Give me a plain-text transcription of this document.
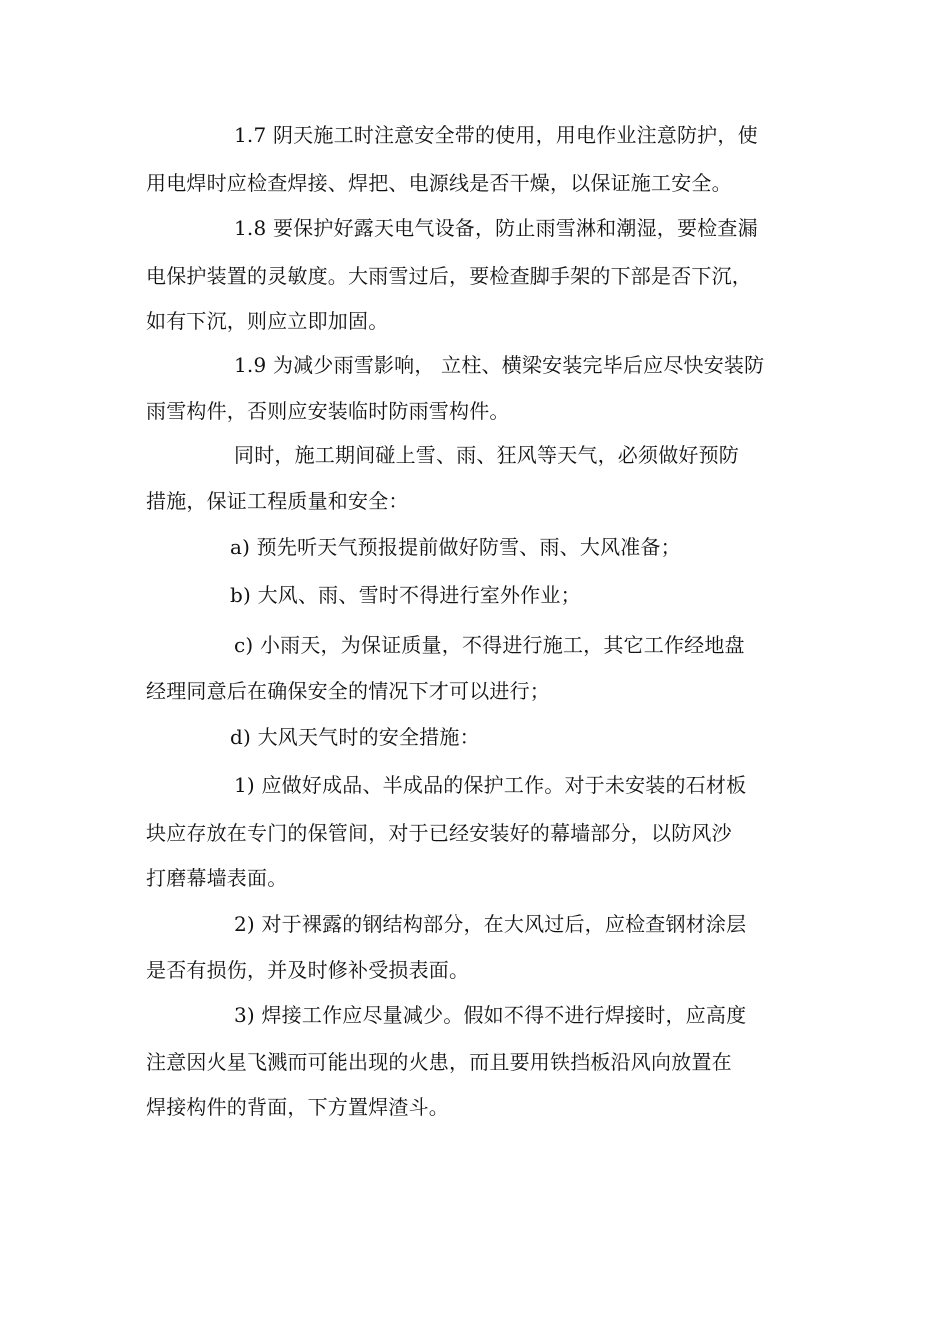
1.7 阴天施工时注意安全带的使用，用电作业注意防护，使
用电焊时应检查焊接、焊把、电源线是否干燥，以保证施工安全。
1.8 要保护好露天电气设备，防止雨雪淋和潮湿，要检查漏
电保护装置的灵敏度。大雨雪过后，要检查脚手架的下部是否下沉，
如有下沉，则应立即加固。
1.9 为减少雨雪影响， 立柱、横梁安装完毕后应尽快安装防
雨雪构件，否则应安装临时防雨雪构件。
同时，施工期间碰上雪、雨、狂风等天气，必须做好预防
措施，保证工程质量和安全：
a) 预先听天气预报提前做好防雪、雨、大风准备；
b) 大风、雨、雪时不得进行室外作业；
c) 小雨天，为保证质量，不得进行施工，其它工作经地盘
经理同意后在确保安全的情况下才可以进行；
d) 大风天气时的安全措施：
1) 应做好成品、半成品的保护工作。对于未安装的石材板
块应存放在专门的保管间，对于已经安装好的幕墙部分，以防风沙
打磨幕墙表面。
2) 对于裸露的钢结构部分，在大风过后，应检查钢材涂层
是否有损伤，并及时修补受损表面。
3) 焊接工作应尽量减少。假如不得不进行焊接时，应高度
注意因火星飞溅而可能出现的火患，而且要用铁挡板沿风向放置在
焊接构件的背面，下方置焊渣斗。
